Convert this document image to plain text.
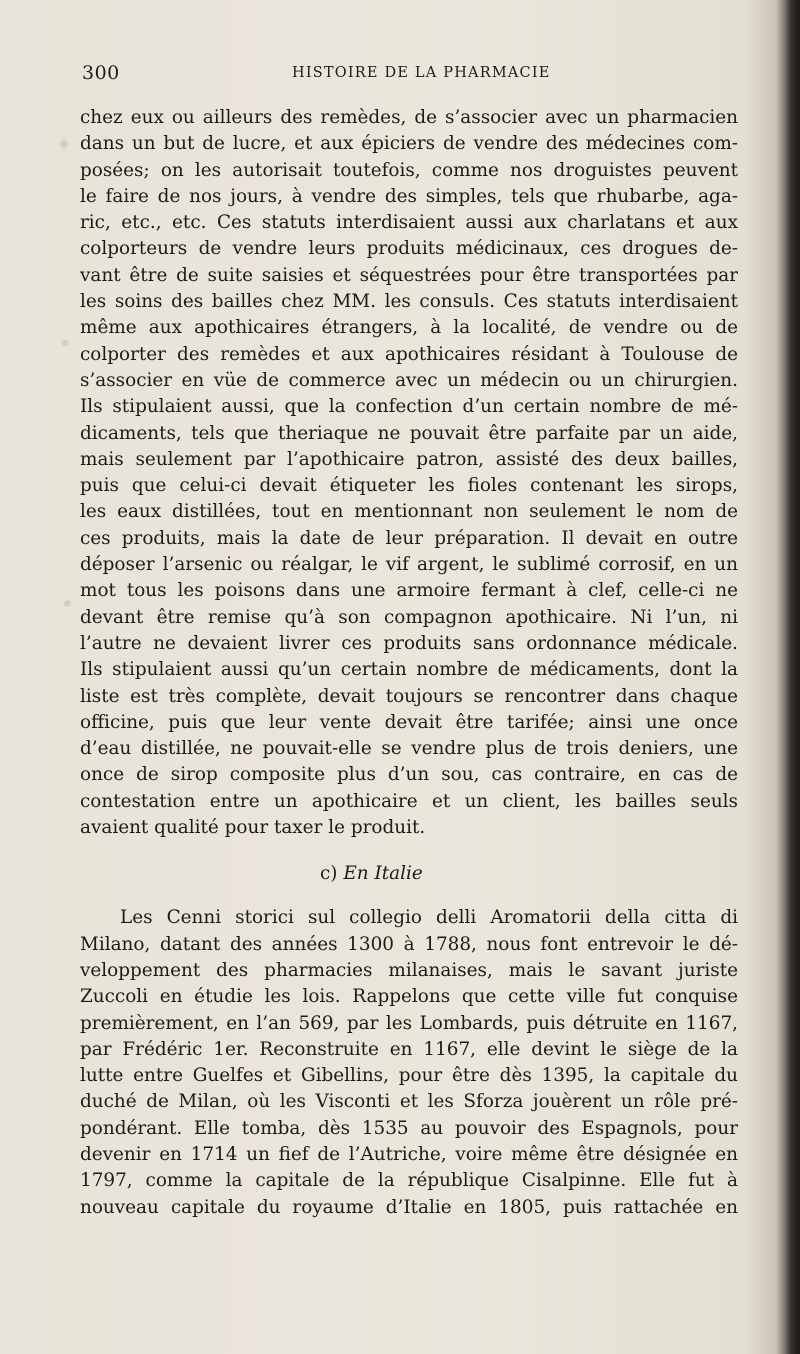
300	HISTOIRE DE LA PHARMACIE
chez eux ou ailleurs des remèdes, de s’associer avec un pharmacien
dans un but de lucre, et aux épiciers de vendre des médecines com-
posées; on les autorisait toutefois, comme nos droguistes peuvent
le faire de nos jours, à vendre des simples, tels que rhubarbe, aga-
ric, etc., etc. Ces statuts interdisaient aussi aux charlatans et aux
colporteurs de vendre leurs produits médicinaux, ces drogues de-
vant être de suite saisies et séquestrées pour être transportées par
les soins des bailles chez MM. les consuls. Ces statuts interdisaient
même aux apothicaires étrangers, à la localité, de vendre ou de
colporter des remèdes et aux apothicaires résidant à Toulouse de
s’associer en vüe de commerce avec un médecin ou un chirurgien.
Ils stipulaient aussi, que la confection d’un certain nombre de mé-
dicaments, tels que theriaque ne pouvait être parfaite par un aide,
mais seulement par l’apothicaire patron, assisté des deux bailles,
puis que celui-ci devait étiqueter les fioles contenant les sirops,
les eaux distillées, tout en mentionnant non seulement le nom de
ces produits, mais la date de leur préparation. Il devait en outre
déposer l’arsenic ou réalgar, le vif argent, le sublimé corrosif, en un
mot tous les poisons dans une armoire fermant à clef, celle-ci ne
devant être remise qu’à son compagnon apothicaire. Ni l’un, ni
l’autre ne devaient livrer ces produits sans ordonnance médicale.
Ils stipulaient aussi qu’un certain nombre de médicaments, dont la
liste est très complète, devait toujours se rencontrer dans chaque
officine, puis que leur vente devait être tarifée; ainsi une once
d’eau distillée, ne pouvait-elle se vendre plus de trois deniers, une
once de sirop composite plus d’un sou, cas contraire, en cas de
contestation entre un apothicaire et un client, les bailles seuls
avaient qualité pour taxer le produit.
c) En Italie
Les Cenni storici sul collegio delli Aromatorii della citta di
Milano, datant des années 1300 à 1788, nous font entrevoir le dé-
veloppement des pharmacies milanaises, mais le savant juriste
Zuccoli en étudie les lois. Rappelons que cette ville fut conquise
premièrement, en l’an 569, par les Lombards, puis détruite en 1167,
par Frédéric 1er. Reconstruite en 1167, elle devint le siège de la
lutte entre Guelfes et Gibellins, pour être dès 1395, la capitale du
duché de Milan, où les Visconti et les Sforza jouèrent un rôle pré-
pondérant. Elle tomba, dès 1535 au pouvoir des Espagnols, pour
devenir en 1714 un fief de l’Autriche, voire même être désignée en
1797, comme la capitale de la république Cisalpinne. Elle fut à
nouveau capitale du royaume d’Italie en 1805, puis rattachée en
